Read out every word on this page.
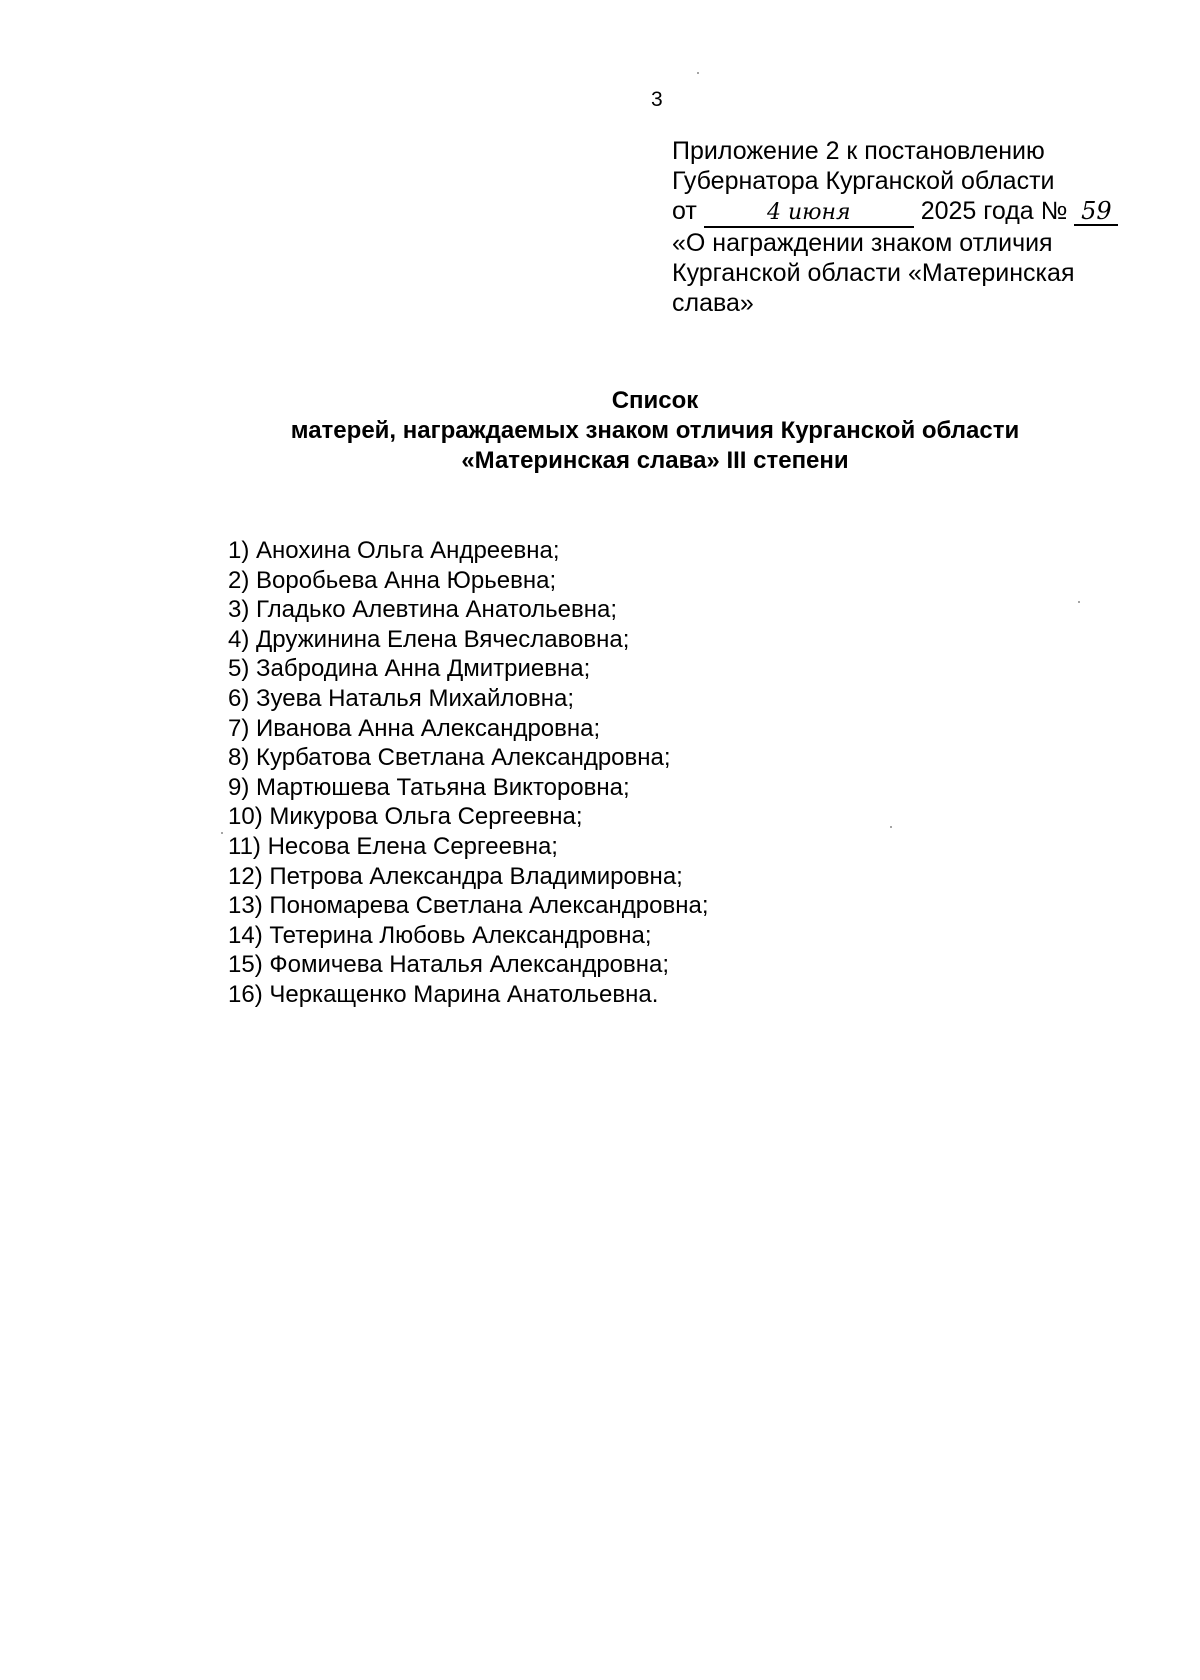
3
Приложение 2 к постановлению
Губернатора Курганской области
от	4 июня	2025 года № 59
«О награждении знаком отличия
Курганской области «Материнская
слава»
Список
матерей, награждаемых знаком отличия Курганской области
«Материнская слава» III степени
1) Анохина Ольга Андреевна;
2) Воробьева Анна Юрьевна;
3) Гладько Алевтина Анатольевна;
4) Дружинина Елена Вячеславовна;
5) Забродина Анна Дмитриевна;
6) Зуева Наталья Михайловна;
7) Иванова Анна Александровна;
8) Курбатова Светлана Александровна;
9) Мартюшева Татьяна Викторовна;
10) Микурова Ольга Сергеевна;
11) Несова Елена Сергеевна;
12) Петрова Александра Владимировна;
13) Пономарева Светлана Александровна;
14) Тетерина Любовь Александровна;
15) Фомичева Наталья Александровна;
16) Черкащенко Марина Анатольевна.
